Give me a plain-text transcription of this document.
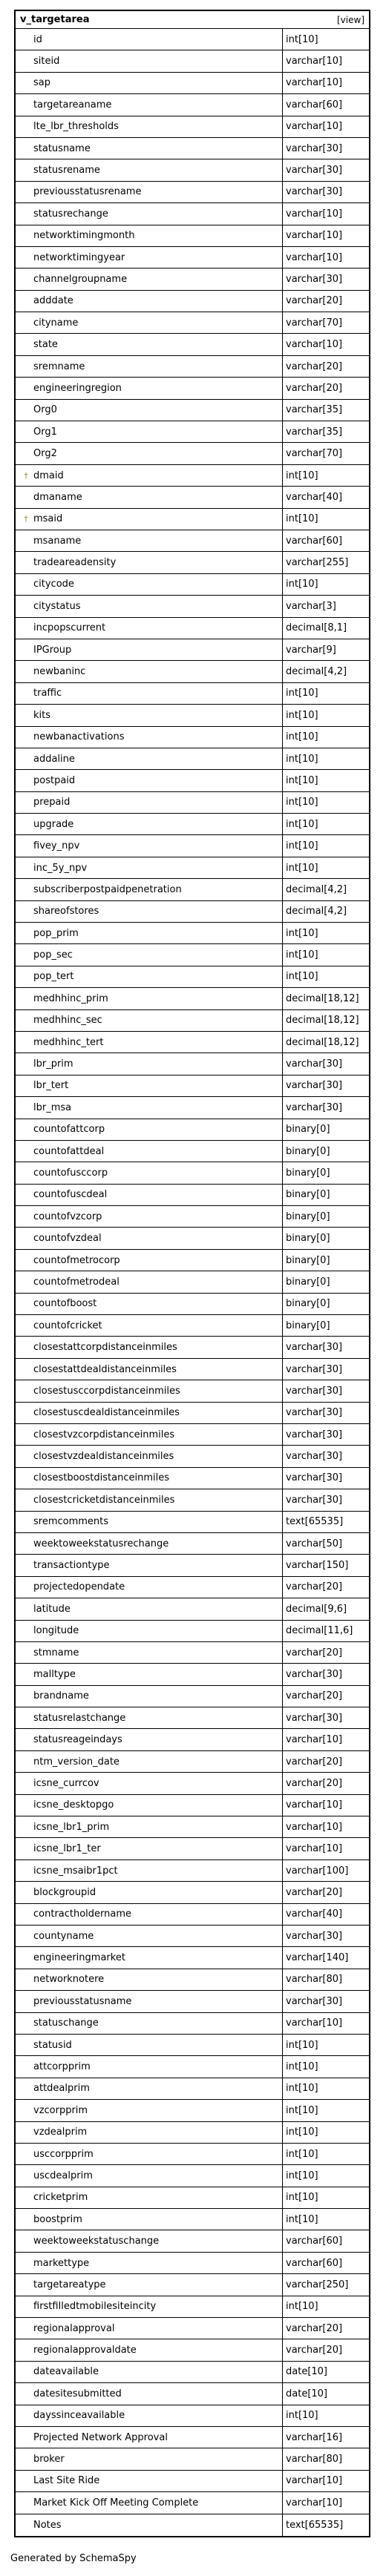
v_targetarea	[view]
id	int[10]
siteid	varchar[10]
sap	varchar[10]
targetareaname	varchar[60]
lte_lbr_thresholds	varchar[10]
statusname	varchar[30]
statusrename	varchar[30]
previousstatusrename	varchar[30]
statusrechange	varchar[10]
networktimingmonth	varchar[10]
networktimingyear	varchar[10]
channelgroupname	varchar[30]
adddate	varchar[20]
cityname	varchar[70]
state	varchar[10]
sremname	varchar[20]
engineeringregion	varchar[20]
Org0	varchar[35]
Org1	varchar[35]
Org2	varchar[70]
† dmaid	int[10]
dmaname	varchar[40]
† msaid	int[10]
msaname	varchar[60]
tradeareadensity	varchar[255]
citycode	int[10]
citystatus	varchar[3]
incpopscurrent	decimal[8,1]
IPGroup	varchar[9]
newbaninc	decimal[4,2]
traffic	int[10]
kits	int[10]
newbanactivations	int[10]
addaline	int[10]
postpaid	int[10]
prepaid	int[10]
upgrade	int[10]
fivey_npv	int[10]
inc_5y_npv	int[10]
subscriberpostpaidpenetration	decimal[4,2]
shareofstores	decimal[4,2]
pop_prim	int[10]
pop_sec	int[10]
pop_tert	int[10]
medhhinc_prim	decimal[18,12]
medhhinc_sec	decimal[18,12]
medhhinc_tert	decimal[18,12]
lbr_prim	varchar[30]
lbr_tert	varchar[30]
lbr_msa	varchar[30]
countofattcorp	binary[0]
countofattdeal	binary[0]
countofusccorp	binary[0]
countofuscdeal	binary[0]
countofvzcorp	binary[0]
countofvzdeal	binary[0]
countofmetrocorp	binary[0]
countofmetrodeal	binary[0]
countofboost	binary[0]
countofcricket	binary[0]
closestattcorpdistanceinmiles	varchar[30]
closestattdealdistanceinmiles	varchar[30]
closestusccorpdistanceinmiles	varchar[30]
closestuscdealdistanceinmiles	varchar[30]
closestvzcorpdistanceinmiles	varchar[30]
closestvzdealdistanceinmiles	varchar[30]
closestboostdistanceinmiles	varchar[30]
closestcricketdistanceinmiles	varchar[30]
sremcomments	text[65535]
weektoweekstatusrechange	varchar[50]
transactiontype	varchar[150]
projectedopendate	varchar[20]
latitude	decimal[9,6]
longitude	decimal[11,6]
stmname	varchar[20]
malltype	varchar[30]
brandname	varchar[20]
statusrelastchange	varchar[30]
statusreageindays	varchar[10]
ntm_version_date	varchar[20]
icsne_currcov	varchar[20]
icsne_desktopgo	varchar[10]
icsne_lbr1_prim	varchar[10]
icsne_lbr1_ter	varchar[10]
icsne_msaibr1pct	varchar[100]
blockgroupid	varchar[20]
contractholdername	varchar[40]
countyname	varchar[30]
engineeringmarket	varchar[140]
networknotere	varchar[80]
previousstatusname	varchar[30]
statuschange	varchar[10]
statusid	int[10]
attcorpprim	int[10]
attdealprim	int[10]
vzcorpprim	int[10]
vzdealprim	int[10]
usccorpprim	int[10]
uscdealprim	int[10]
cricketprim	int[10]
boostprim	int[10]
weektoweekstatuschange	varchar[60]
markettype	varchar[60]
targetareatype	varchar[250]
firstfilledtmobilesiteincity	int[10]
regionalapproval	varchar[20]
regionalapprovaldate	varchar[20]
dateavailable	date[10]
datesitesubmitted	date[10]
dayssinceavailable	int[10]
Projected Network Approval	varchar[16]
broker	varchar[80]
Last Site Ride	varchar[10]
Market Kick Off Meeting Complete	varchar[10]
Notes	text[65535]
Generated by SchemaSpy
